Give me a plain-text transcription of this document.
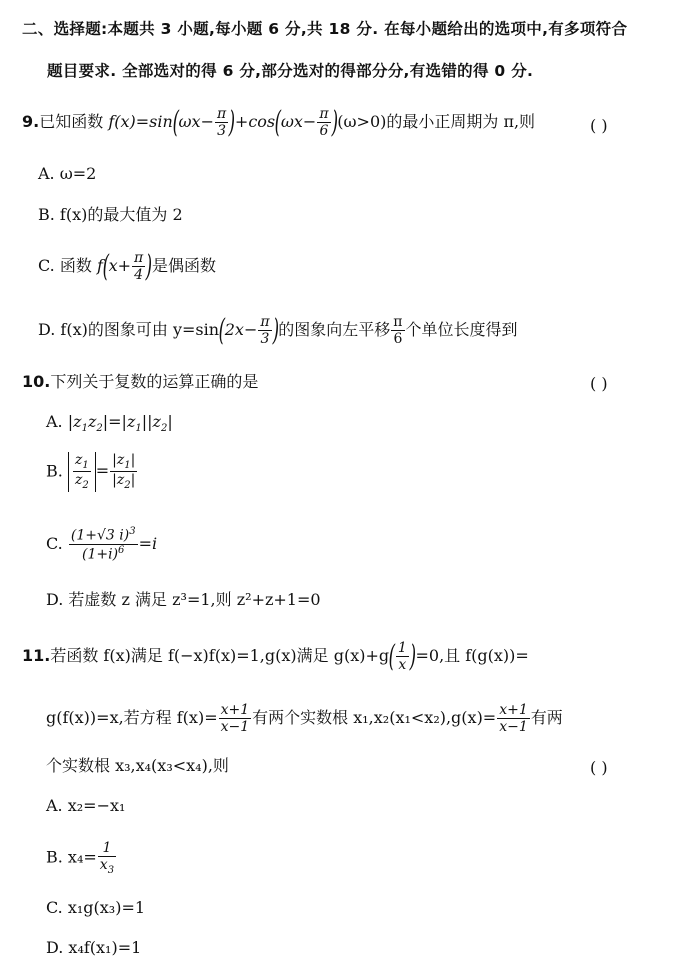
二、选择题:本题共 3 小题,每小题 6 分,共 18 分. 在每小题给出的选项中,有多项符合
题目要求. 全部选对的得 6 分,部分选对的得部分分,有选错的得 0 分.
9.已知函数 $f(x)=\sin(\omega x- \frac{\pi}{3} )+\cos(\omega x- \frac{\pi}{6} )(\omega>0)$的最小正周期为 π,则	( )
A. ω=2
B. f(x)的最大值为 2
C. 函数 $f(x+ \frac{\pi}{4}$ )是偶函数
D. f(x)的图象可由 $y=\sin(2x- \frac{\pi}{3}$ )的图象向左平移 $\frac{\pi}{6}$ 个单位长度得到
10.下列关于复数的运算正确的是	( )
A. $|z_1z_2|=|z_1||z_2|$
B. $\frac{z_1}{z_2} = \frac{|z_1|}{|z_2|}$
C. $\frac{(1+√3 i)^3}{(1+i)^6} =i$
D. 若虚数 z 满足 z³=1,则 z²+z+1=0
11.若函数 f(x)满足 f(−x)f(x)=1,g(x)满足 $g(x)+g( \frac{1}{x} )=0$,且 f(g(x))=
g(f(x))=x,若方程 $f(x)= \frac{x+1}{x-1}$ 有两个实数根 $x_1,x_2(x_1<x_2),g(x)= \frac{x+1}{x-1}$ 有两
个实数根 x₃,x₄(x₃<x₄),则	( )
A. x₂=−x₁
B. $x_4= \frac{1}{x_3}$
C. x₁g(x₃)=1
D. x₄f(x₁)=1
